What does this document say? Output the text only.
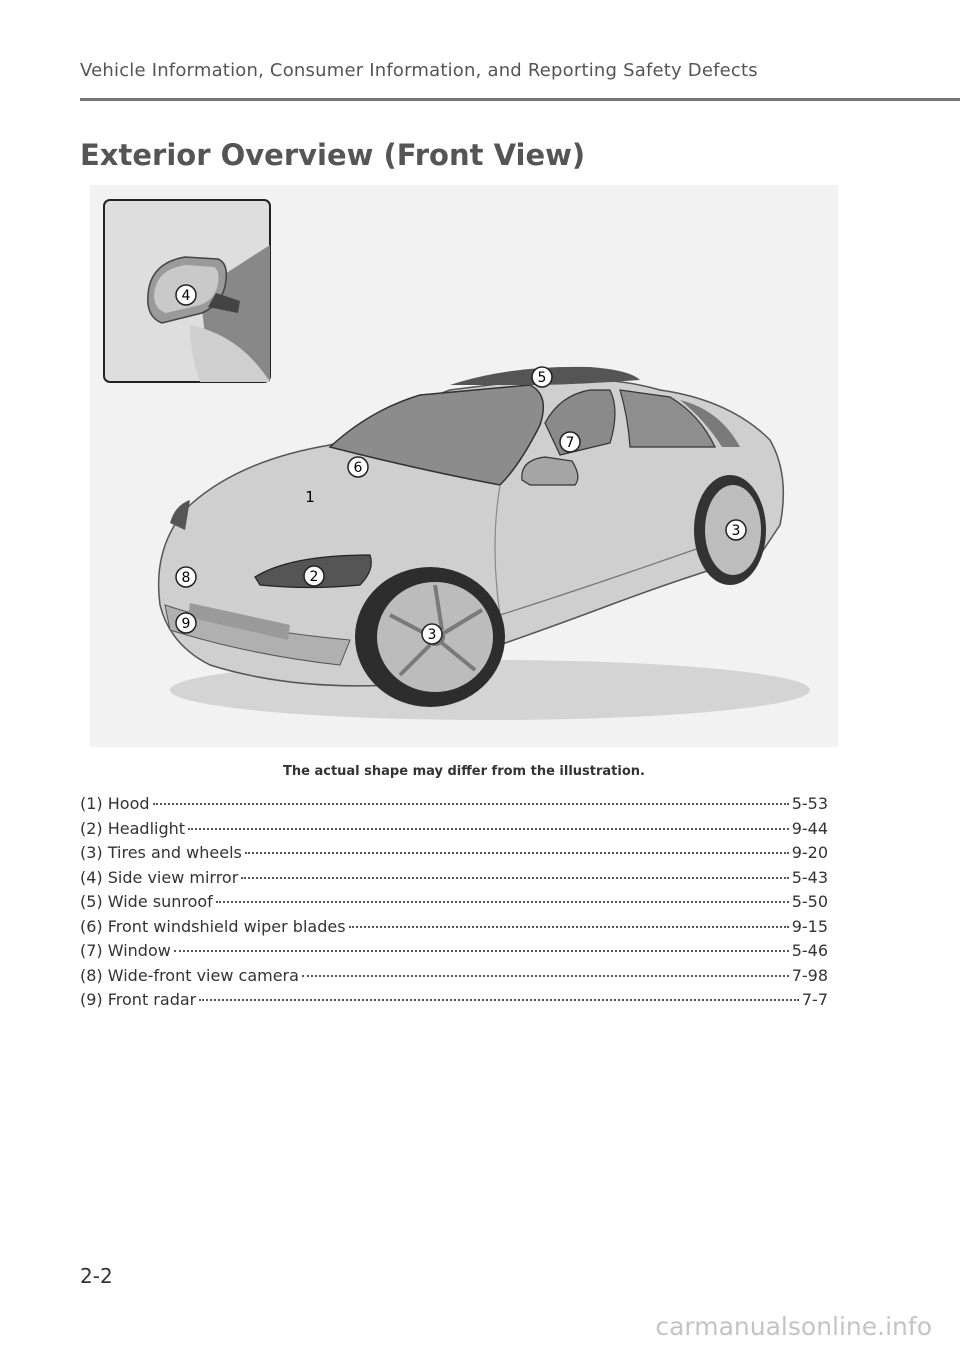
Vehicle Information, Consumer Information, and Reporting Safety Defects
Exterior Overview (Front View)
4
5
7
6
1
3
8	2
9
3
The actual shape may differ from the illustration.
(1) Hood	5-53
(2) Headlight	9-44
(3) Tires and wheels	9-20
(4) Side view mirror	5-43
(5) Wide sunroof	5-50
(6) Front windshield wiper blades	9-15
(7) Window	5-46
(8) Wide-front view camera	7-98
(9) Front radar	7-7
2-2
carmanualsonline.info
